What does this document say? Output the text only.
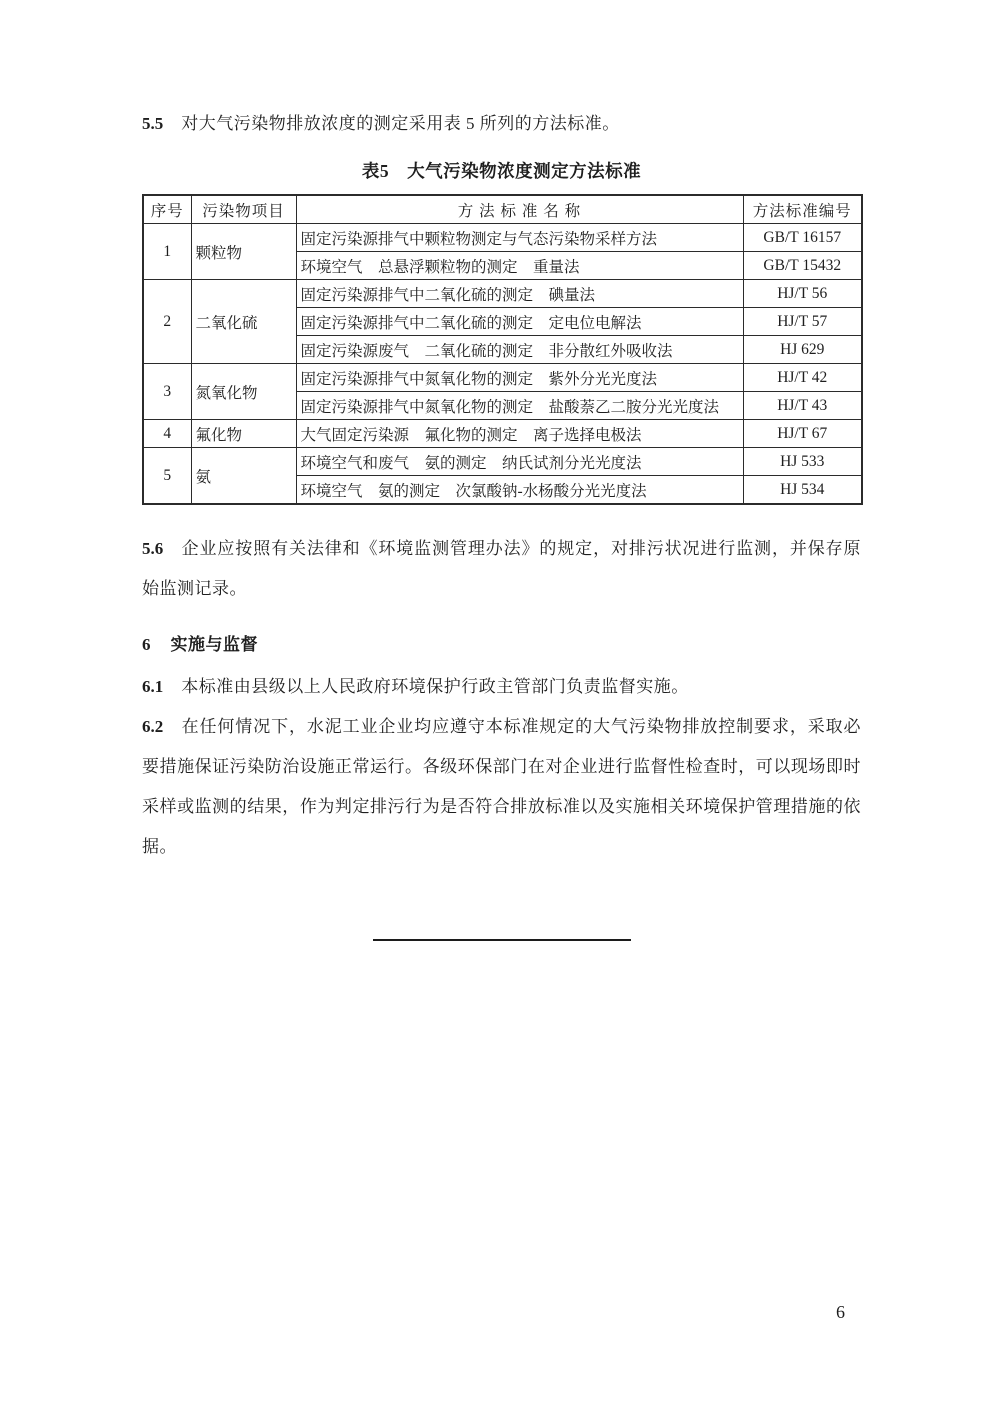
5.5 对大气污染物排放浓度的测定采用表 5 所列的方法标准。

表5　大气污染物浓度测定方法标准
序号	污染物项目	方 法 标 准 名 称	方法标准编号
1	颗粒物	固定污染源排气中颗粒物测定与气态污染物采样方法	GB/T 16157
		环境空气　总悬浮颗粒物的测定　重量法	GB/T 15432
2	二氧化硫	固定污染源排气中二氧化硫的测定　碘量法	HJ/T 56
		固定污染源排气中二氧化硫的测定　定电位电解法	HJ/T 57
		固定污染源废气　二氧化硫的测定　非分散红外吸收法	HJ 629
3	氮氧化物	固定污染源排气中氮氧化物的测定　紫外分光光度法	HJ/T 42
		固定污染源排气中氮氧化物的测定　盐酸萘乙二胺分光光度法	HJ/T 43
4	氟化物	大气固定污染源　氟化物的测定　离子选择电极法	HJ/T 67
5	氨	环境空气和废气　氨的测定　纳氏试剂分光光度法	HJ 533
		环境空气　氨的测定　次氯酸钠-水杨酸分光光度法	HJ 534

5.6 企业应按照有关法律和《环境监测管理办法》的规定，对排污状况进行监测，并保存原始监测记录。

6 实施与监督

6.1 本标准由县级以上人民政府环境保护行政主管部门负责监督实施。

6.2 在任何情况下，水泥工业企业均应遵守本标准规定的大气污染物排放控制要求，采取必要措施保证污染防治设施正常运行。各级环保部门在对企业进行监督性检查时，可以现场即时采样或监测的结果，作为判定排污行为是否符合排放标准以及实施相关环境保护管理措施的依据。

6
